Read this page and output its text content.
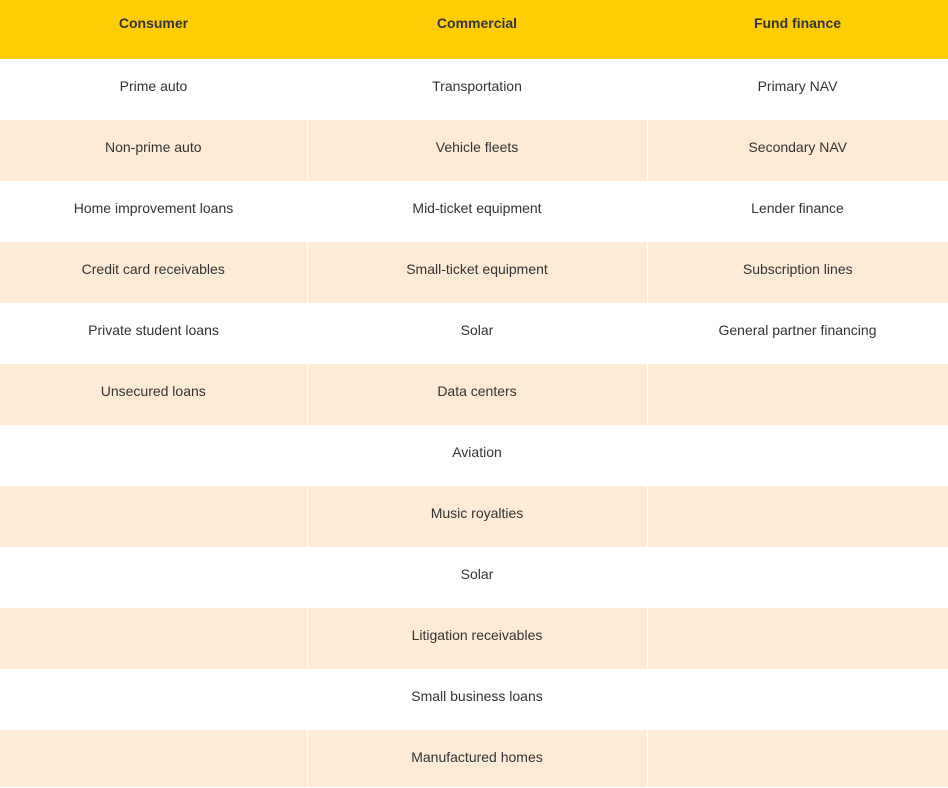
Consumer	Commercial	Fund finance
Prime auto	Transportation	Primary NAV
Non-prime auto	Vehicle fleets	Secondary NAV
Home improvement loans	Mid-ticket equipment	Lender finance
Credit card receivables	Small-ticket equipment	Subscription lines
Private student loans	Solar	General partner financing
Unsecured loans	Data centers	
	Aviation	
	Music royalties	
	Solar	
	Litigation receivables	
	Small business loans	
	Manufactured homes	
